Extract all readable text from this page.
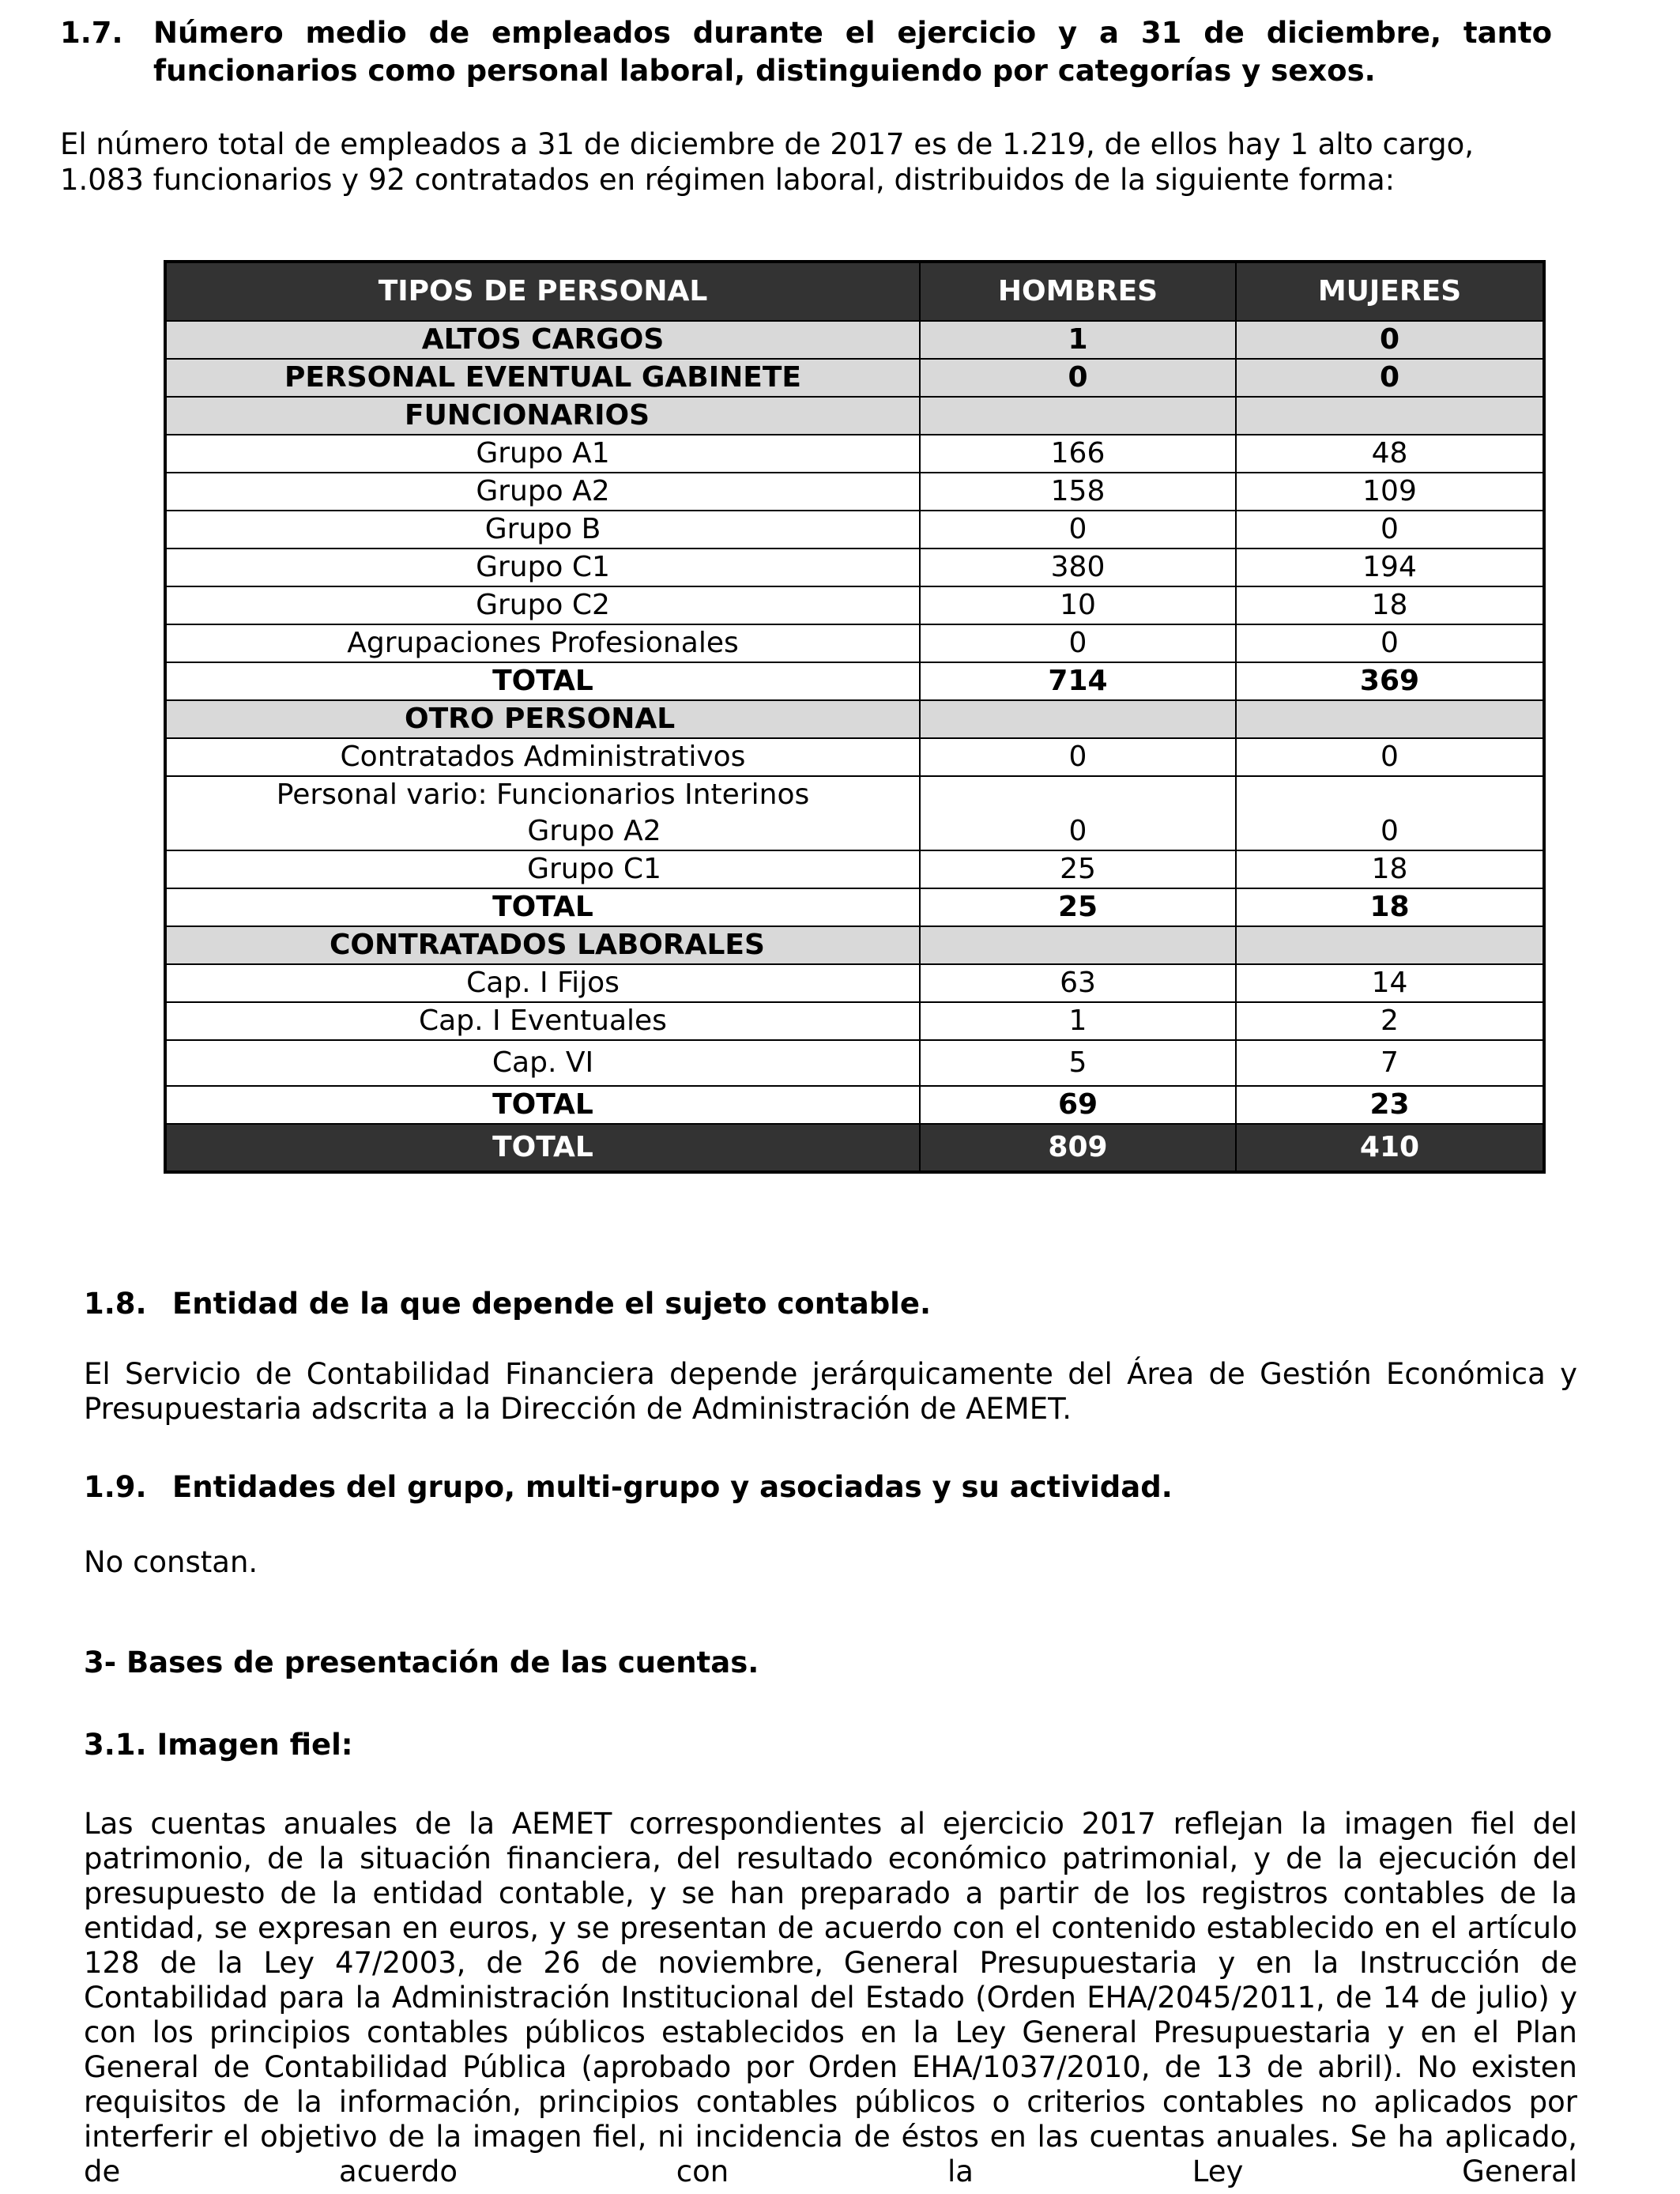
1.7. Número medio de empleados durante el ejercicio y a 31 de diciembre, tanto funcionarios como personal laboral, distinguiendo por categorías y sexos.
El número total de empleados a 31 de diciembre de 2017 es de 1.219, de ellos hay 1 alto cargo, 1.083 funcionarios y 92 contratados en régimen laboral, distribuidos de la siguiente forma:
TIPOS DE PERSONAL	HOMBRES	MUJERES
ALTOS CARGOS	1	0
PERSONAL EVENTUAL GABINETE	0	0
FUNCIONARIOS		
Grupo A1	166	48
Grupo A2	158	109
Grupo B	0	0
Grupo C1	380	194
Grupo C2	10	18
Agrupaciones Profesionales	0	0
TOTAL	714	369
OTRO PERSONAL		
Contratados Administrativos	0	0

Personal vario: Funcionarios Interinos
Grupo A2	0	0
Grupo C1	25	18
TOTAL	25	18
CONTRATADOS LABORALES		
Cap. I Fijos	63	14
Cap. I Eventuales	1	2
Cap. VI	5	7
TOTAL	69	23
TOTAL	809	410
1.8. Entidad de la que depende el sujeto contable.
El Servicio de Contabilidad Financiera depende jerárquicamente del Área de Gestión Económica y Presupuestaria adscrita a la Dirección de Administración de AEMET.
1.9. Entidades del grupo, multi-grupo y asociadas y su actividad.
No constan.
3- Bases de presentación de las cuentas.
3.1. Imagen fiel:
Las cuentas anuales de la AEMET correspondientes al ejercicio 2017 reflejan la imagen fiel del patrimonio, de la situación financiera, del resultado económico patrimonial, y de la ejecución del presupuesto de la entidad contable, y se han preparado a partir de los registros contables de la entidad, se expresan en euros, y se presentan de acuerdo con el contenido establecido en el artículo 128 de la Ley 47/2003, de 26 de noviembre, General Presupuestaria y en la Instrucción de Contabilidad para la Administración Institucional del Estado (Orden EHA/2045/2011, de 14 de julio) y con los principios contables públicos establecidos en la Ley General Presupuestaria y en el Plan General de Contabilidad Pública (aprobado por Orden EHA/1037/2010, de 13 de abril). No existen requisitos de la información, principios contables públicos o criterios contables no aplicados por interferir el objetivo de la imagen fiel, ni incidencia de éstos en las cuentas anuales. Se ha aplicado, de acuerdo con la Ley General
